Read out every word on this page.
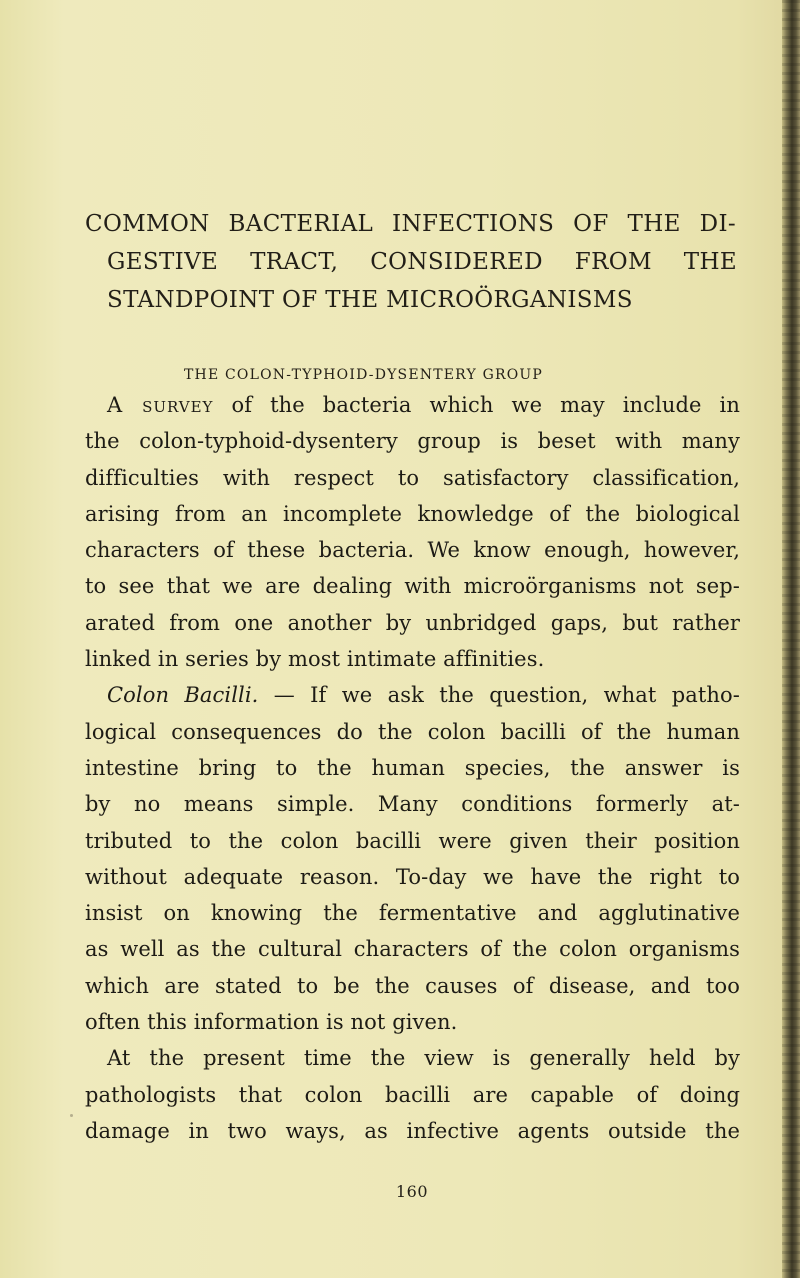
COMMON BACTERIAL INFECTIONS OF THE DI-
GESTIVE TRACT, CONSIDERED FROM THE
STANDPOINT OF THE MICROÖRGANISMS
THE COLON-TYPHOID-DYSENTERY GROUP
A survey of the bacteria which we may include in
the colon-typhoid-dysentery group is beset with many
difficulties with respect to satisfactory classification,
arising from an incomplete knowledge of the biological
characters of these bacteria. We know enough, however,
to see that we are dealing with microörganisms not sep-
arated from one another by unbridged gaps, but rather
linked in series by most intimate affinities.
Colon Bacilli. — If we ask the question, what patho-
logical consequences do the colon bacilli of the human
intestine bring to the human species, the answer is
by no means simple. Many conditions formerly at-
tributed to the colon bacilli were given their position
without adequate reason. To-day we have the right to
insist on knowing the fermentative and agglutinative
as well as the cultural characters of the colon organisms
which are stated to be the causes of disease, and too
often this information is not given.
At the present time the view is generally held by
pathologists that colon bacilli are capable of doing
damage in two ways, as infective agents outside the
160
